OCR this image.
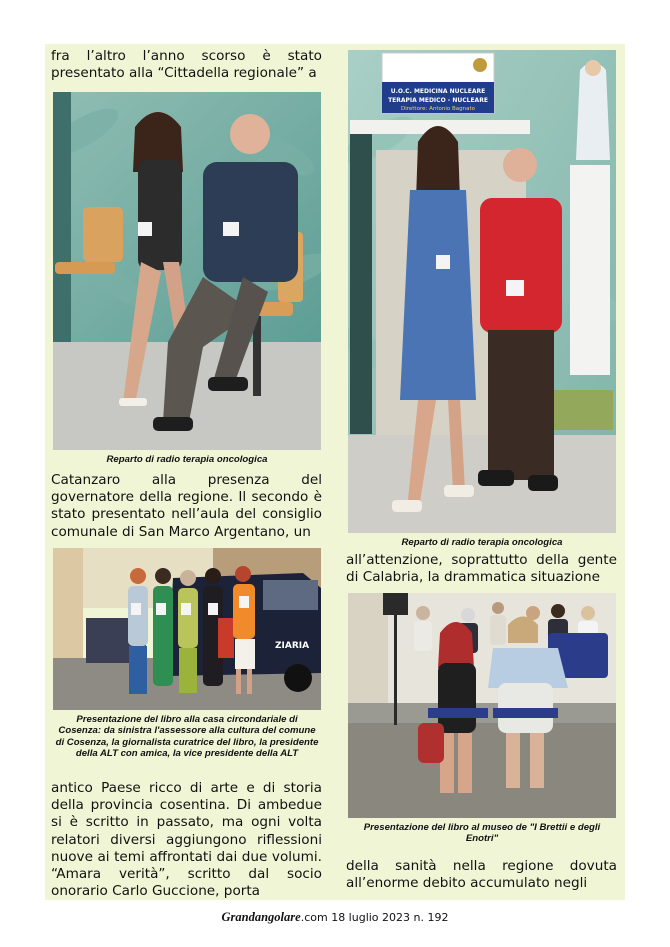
fra l’altro l’anno scorso è stato presentato alla “Cittadella regionale” a

Reparto di radio terapia oncologica

Catanzaro alla presenza del governatore della regione. Il secondo è stato presentato nell’aula del consiglio comunale di San Marco Argentano, un

ZIARIA

Presentazione del libro alla casa circondariale di Cosenza: da sinistra l'assessore alla cultura del comune di Cosenza, la giornalista curatrice del libro, la presidente della ALT con amica, la vice presidente della ALT

antico Paese ricco di arte e di storia della provincia cosentina. Di ambedue si è scritto in passato, ma ogni volta relatori diversi aggiungono riflessioni nuove ai temi affrontati dai due volumi. “Amara verità”, scritto dal socio onorario Carlo Guccione, porta

U.O.C. MEDICINA NUCLEARE
TERAPIA MEDICO - NUCLEARE
Direttore: Antonio Bagnato

Reparto di radio terapia oncologica

all’attenzione, soprattutto della gente di Calabria, la drammatica situazione

Presentazione del libro al museo de "I Brettii e degli Enotri"

della sanità nella regione dovuta all’enorme debito accumulato negli

Grandangolare.com 18 luglio 2023 n. 192
